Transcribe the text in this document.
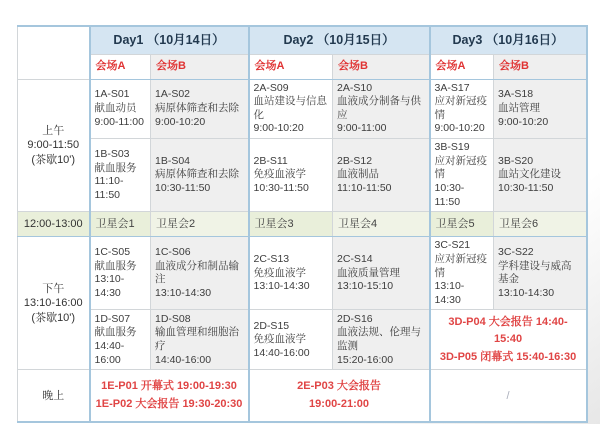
	Day1 （10月14日）		Day2 （10月15日）		Day3 （10月16日）	
	会场A	会场B	会场A	会场B	会场A	会场B

上午
9:00-11:50
(茶歇10')	1A-S01
献血动员
9:00-11:00	1A-S02
病原体筛查和去除
9:00-10:20	2A-S09
血站建设与信息化
9:00-10:20	2A-S10
血液成分制备与供应
9:00-11:00	3A-S17
应对新冠疫情
9:00-10:20	3A-S18
血站管理
9:00-10:20

	1B-S03
献血服务
11:10-11:50	1B-S04
病原体筛查和去除
10:30-11:50	2B-S11
免疫血液学
10:30-11:50	2B-S12
血液制品
11:10-11:50	3B-S19
应对新冠疫情
10:30-11:50	3B-S20
血站文化建设
10:30-11:50

12:00-13:00	卫星会1	卫星会2	卫星会3	卫星会4	卫星会5	卫星会6

下午
13:10-16:00
(茶歇10')	1C-S05
献血服务
13:10-14:30	1C-S06
血液成分和制品输注
13:10-14:30	2C-S13
免疫血液学
13:10-14:30	2C-S14
血液质量管理
13:10-15:10	3C-S21
应对新冠疫情
13:10-14:30	3C-S22
学科建设与威高基金
13:10-14:30

	1D-S07
献血服务
14:40-16:00	1D-S08
输血管理和细胞治疗
14:40-16:00	2D-S15
免疫血液学
14:40-16:00	2D-S16
血液法规、伦理与监测
15:20-16:00	3D-P04 大会报告 14:40-15:40
3D-P05 闭幕式 15:40-16:30	

晚上	1E-P01 开幕式 19:00-19:30
1E-P02 大会报告 19:30-20:30		2E-P03 大会报告
19:00-21:00		/	
